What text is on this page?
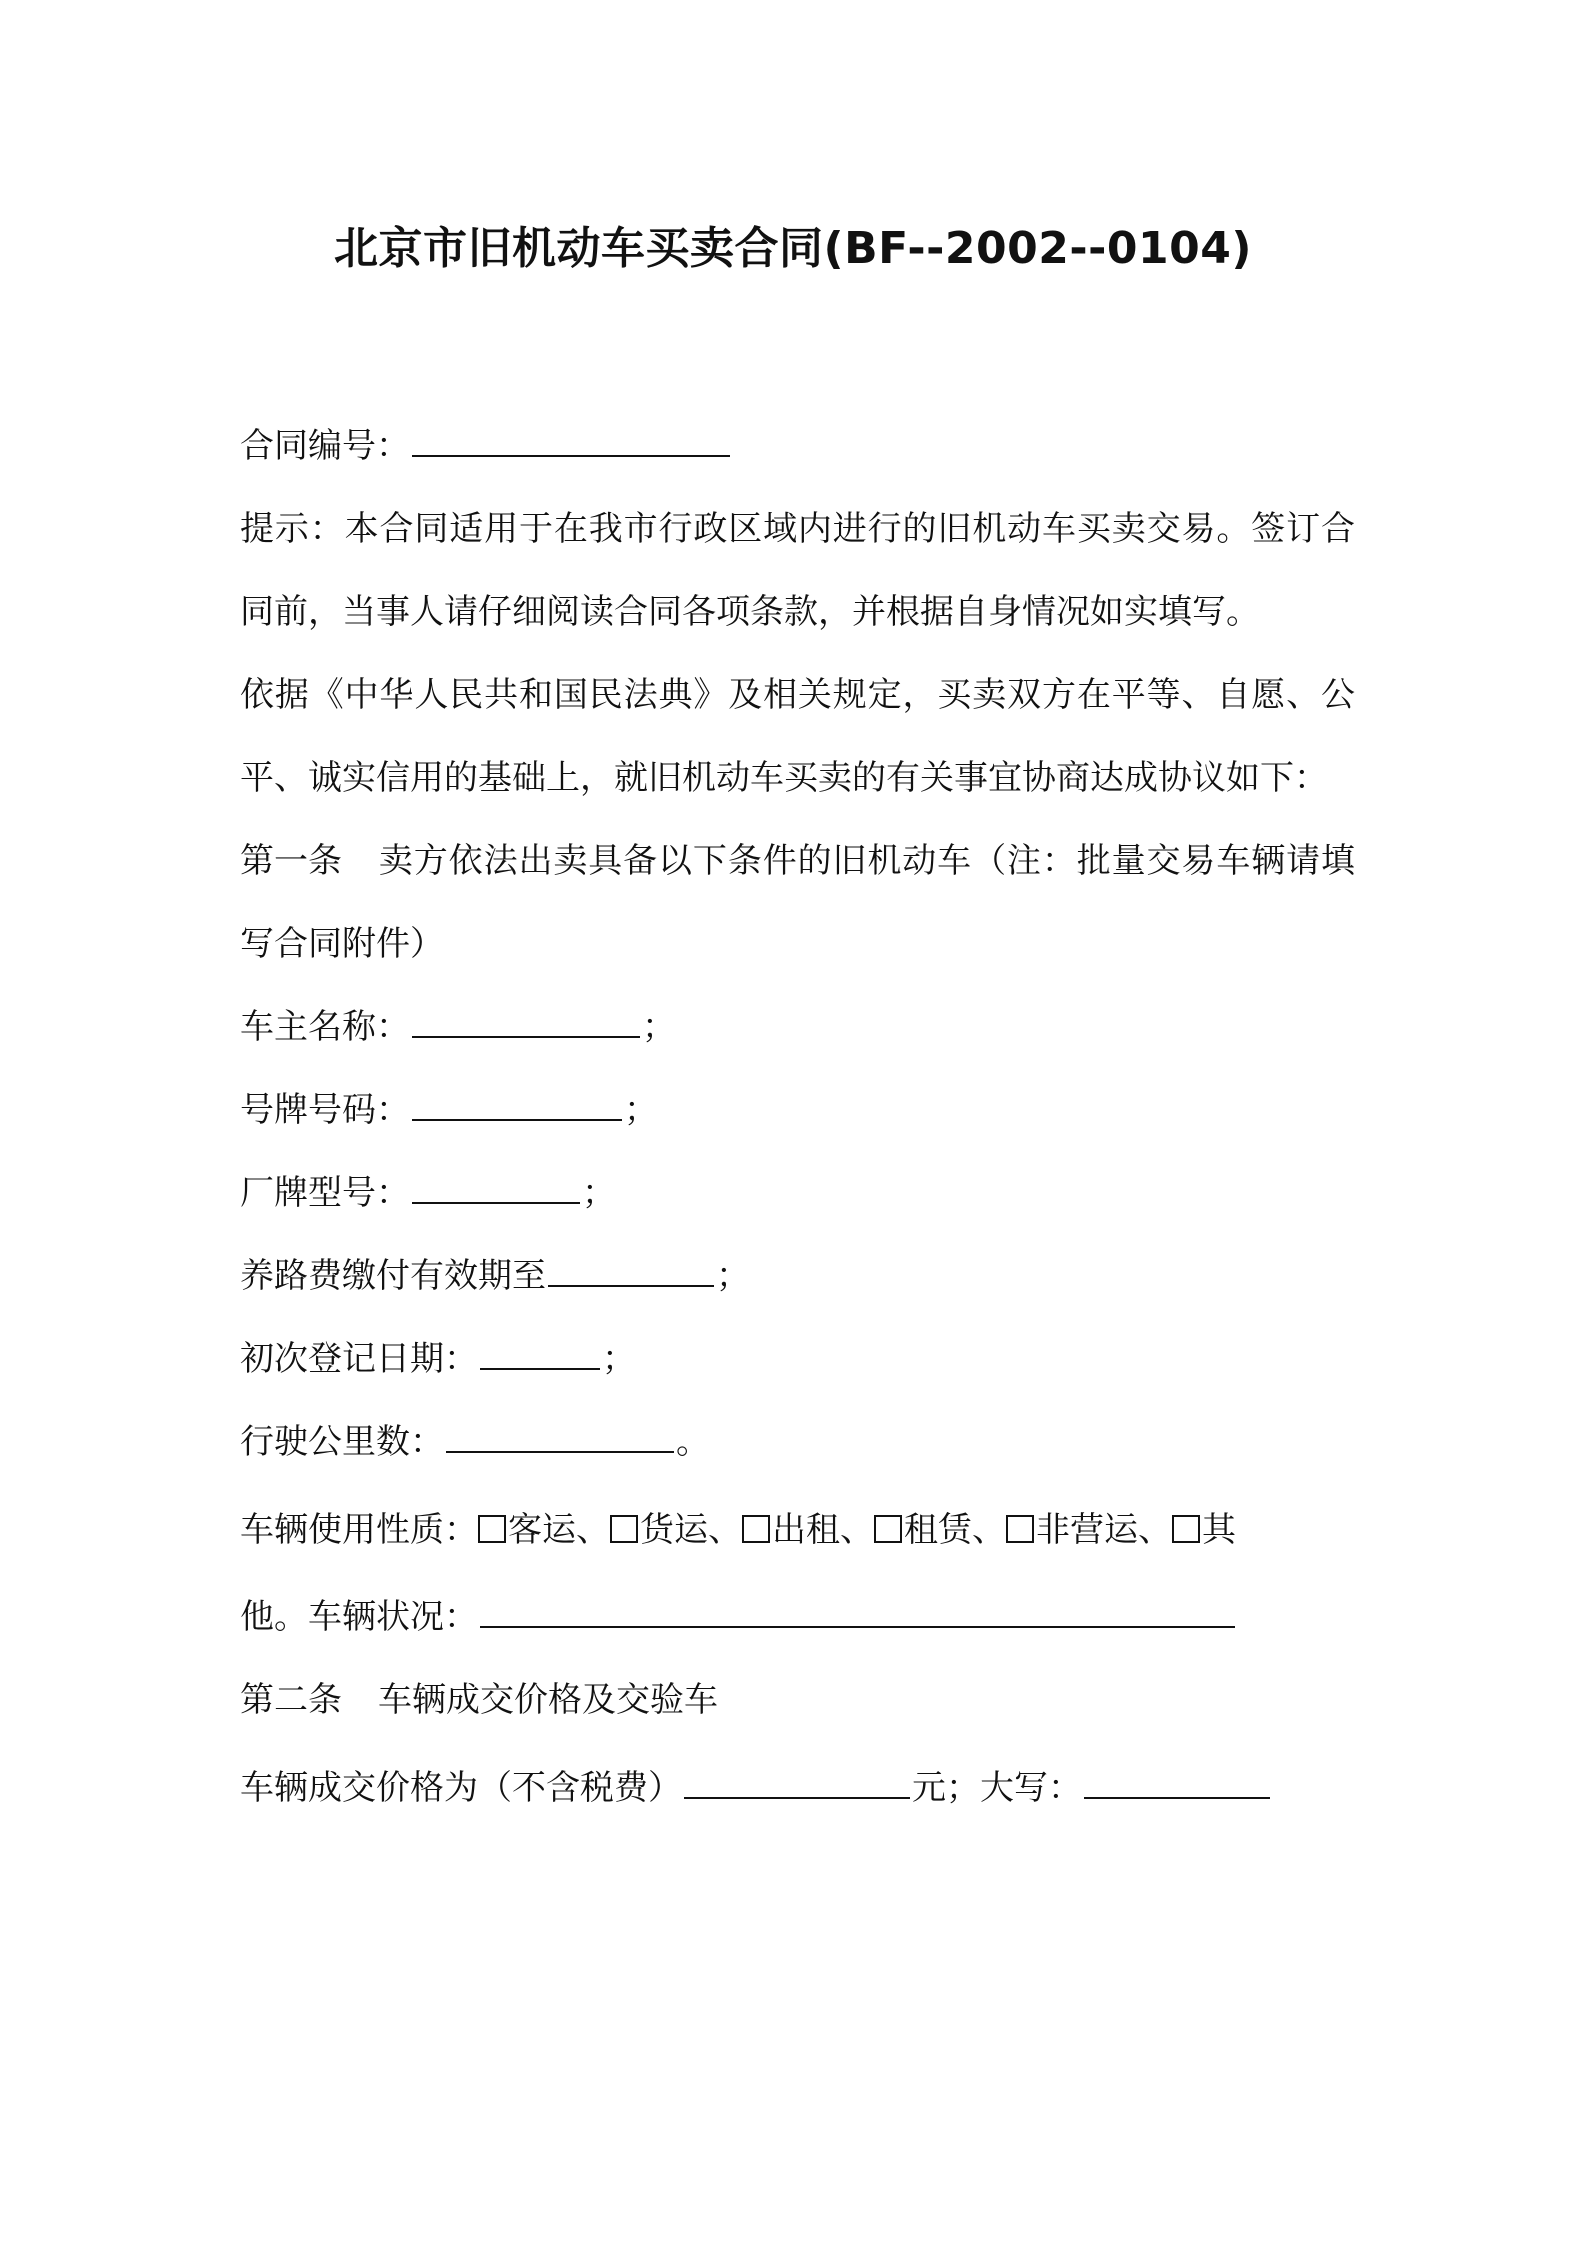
北京市旧机动车买卖合同(BF--2002--0104)
合同编号：
提示：本合同适用于在我市行政区域内进行的旧机动车买卖交易。签订合同前，当事人请仔细阅读合同各项条款，并根据自身情况如实填写。
依据《中华人民共和国民法典》及相关规定，买卖双方在平等、自愿、公平、诚实信用的基础上，就旧机动车买卖的有关事宜协商达成协议如下：
第一条 卖方依法出卖具备以下条件的旧机动车（注：批量交易车辆请填写合同附件）
车主名称：	；
号牌号码：	；
厂牌型号：	；
养路费缴付有效期至	；
初次登记日期：	；
行驶公里数：	。
车辆使用性质： 客运、 货运、 出租、 租赁、 非营运、 其
他。车辆状况：
第二条 车辆成交价格及交验车
车辆成交价格为（不含税费）	元；大写：
